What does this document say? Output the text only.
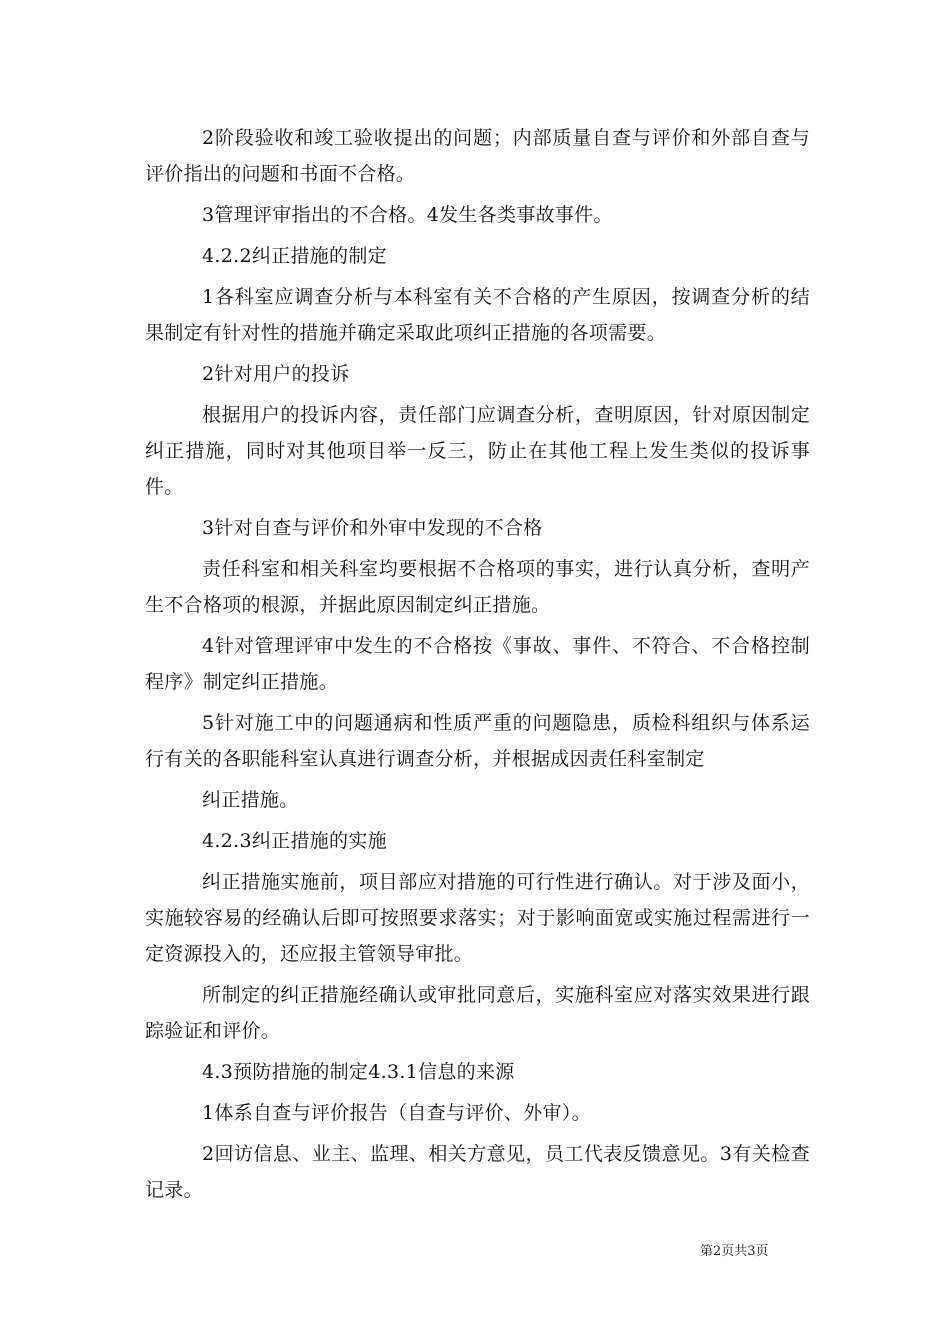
2阶段验收和竣工验收提出的问题；内部质量自查与评价和外部自查与评价指出的问题和书面不合格。

3管理评审指出的不合格。4发生各类事故事件。

4.2.2纠正措施的制定

1各科室应调查分析与本科室有关不合格的产生原因，按调查分析的结果制定有针对性的措施并确定采取此项纠正措施的各项需要。

2针对用户的投诉

根据用户的投诉内容，责任部门应调查分析，查明原因，针对原因制定纠正措施，同时对其他项目举一反三，防止在其他工程上发生类似的投诉事件。

3针对自查与评价和外审中发现的不合格

责任科室和相关科室均要根据不合格项的事实，进行认真分析，查明产生不合格项的根源，并据此原因制定纠正措施。

4针对管理评审中发生的不合格按《事故、事件、不符合、不合格控制程序》制定纠正措施。

5针对施工中的问题通病和性质严重的问题隐患，质检科组织与体系运行有关的各职能科室认真进行调查分析，并根据成因责任科室制定

纠正措施。

4.2.3纠正措施的实施

纠正措施实施前，项目部应对措施的可行性进行确认。对于涉及面小，实施较容易的经确认后即可按照要求落实；对于影响面宽或实施过程需进行一定资源投入的，还应报主管领导审批。

所制定的纠正措施经确认或审批同意后，实施科室应对落实效果进行跟踪验证和评价。

4.3预防措施的制定4.3.1信息的来源

1体系自查与评价报告（自查与评价、外审）。

2回访信息、业主、监理、相关方意见，员工代表反馈意见。3有关检查记录。

第2页共3页
